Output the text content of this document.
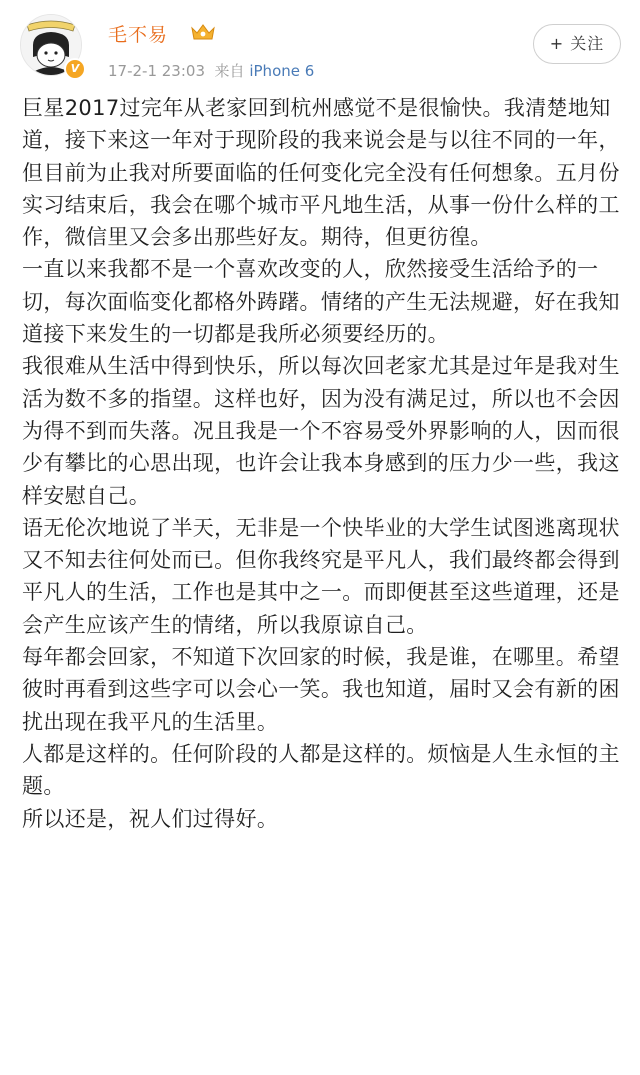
V
毛不易
17-2-1 23:03 来自 iPhone 6
+ 关注

巨星2017过完年从老家回到杭州感觉不是很愉快。我清楚地知道，接下来这一年对于现阶段的我来说会是与以往不同的一年，但目前为止我对所要面临的任何变化完全没有任何想象。五月份实习结束后，我会在哪个城市平凡地生活，从事一份什么样的工作，微信里又会多出那些好友。期待，但更彷徨。

一直以来我都不是一个喜欢改变的人，欣然接受生活给予的一切，每次面临变化都格外踌躇。情绪的产生无法规避，好在我知道接下来发生的一切都是我所必须要经历的。

我很难从生活中得到快乐，所以每次回老家尤其是过年是我对生活为数不多的指望。这样也好，因为没有满足过，所以也不会因为得不到而失落。况且我是一个不容易受外界影响的人，因而很少有攀比的心思出现，也许会让我本身感到的压力少一些，我这样安慰自己。

语无伦次地说了半天，无非是一个快毕业的大学生试图逃离现状又不知去往何处而已。但你我终究是平凡人，我们最终都会得到平凡人的生活，工作也是其中之一。而即便甚至这些道理，还是会产生应该产生的情绪，所以我原谅自己。

每年都会回家，不知道下次回家的时候，我是谁，在哪里。希望彼时再看到这些字可以会心一笑。我也知道，届时又会有新的困扰出现在我平凡的生活里。

人都是这样的。任何阶段的人都是这样的。烦恼是人生永恒的主题。

所以还是，祝人们过得好。
